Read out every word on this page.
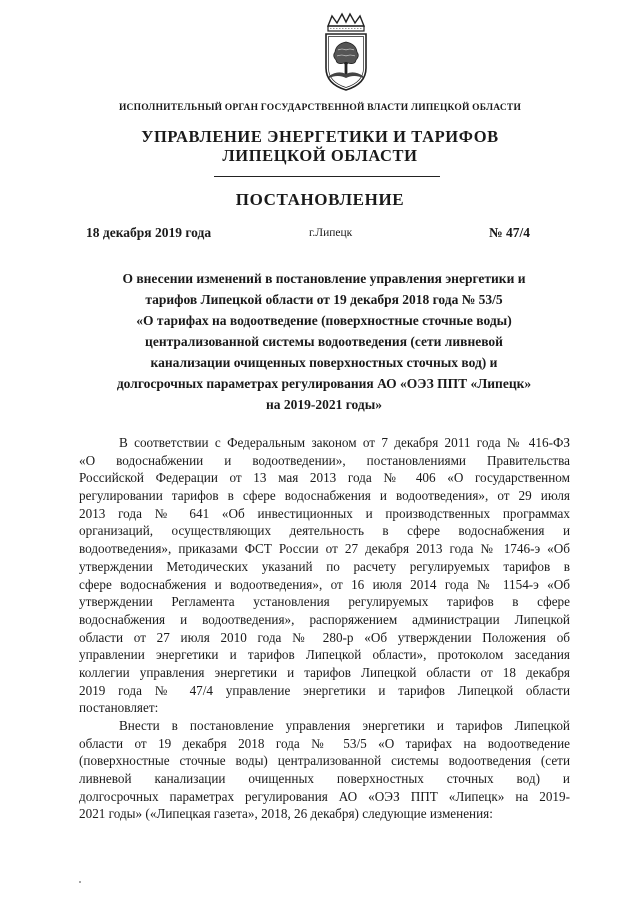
ИСПОЛНИТЕЛЬНЫЙ ОРГАН ГОСУДАРСТВЕННОЙ ВЛАСТИ ЛИПЕЦКОЙ ОБЛАСТИ
УПРАВЛЕНИЕ ЭНЕРГЕТИКИ И ТАРИФОВ
ЛИПЕЦКОЙ ОБЛАСТИ
ПОСТАНОВЛЕНИЕ
18 декабря 2019 года	г.Липецк	№ 47/4
О внесении изменений в постановление управления энергетики и
тарифов Липецкой области от 19 декабря 2018 года № 53/5
«О тарифах на водоотведение (поверхностные сточные воды)
централизованной системы водоотведения (сети ливневой
канализации очищенных поверхностных сточных вод) и
долгосрочных параметрах регулирования АО «ОЭЗ ППТ «Липецк»
на 2019-2021 годы»
В соответствии с Федеральным законом от 7 декабря 2011 года № 416-ФЗ
«О водоснабжении и водоотведении», постановлениями Правительства
Российской Федерации от 13 мая 2013 года № 406 «О государственном
регулировании тарифов в сфере водоснабжения и водоотведения», от 29 июля
2013 года № 641 «Об инвестиционных и производственных программах
организаций, осуществляющих деятельность в сфере водоснабжения и
водоотведения», приказами ФСТ России от 27 декабря 2013 года № 1746-э «Об
утверждении Методических указаний по расчету регулируемых тарифов в
сфере водоснабжения и водоотведения», от 16 июля 2014 года № 1154-э «Об
утверждении Регламента установления регулируемых тарифов в сфере
водоснабжения и водоотведения», распоряжением администрации Липецкой
области от 27 июля 2010 года № 280-р «Об утверждении Положения об
управлении энергетики и тарифов Липецкой области», протоколом заседания
коллегии управления энергетики и тарифов Липецкой области от 18 декабря
2019 года № 47/4 управление энергетики и тарифов Липецкой области
постановляет:
Внести в постановление управления энергетики и тарифов Липецкой
области от 19 декабря 2018 года № 53/5 «О тарифах на водоотведение
(поверхностные сточные воды) централизованной системы водоотведения (сети
ливневой канализации очищенных поверхностных сточных вод) и
долгосрочных параметрах регулирования АО «ОЭЗ ППТ «Липецк» на 2019-
2021 годы» («Липецкая газета», 2018, 26 декабря) следующие изменения:
